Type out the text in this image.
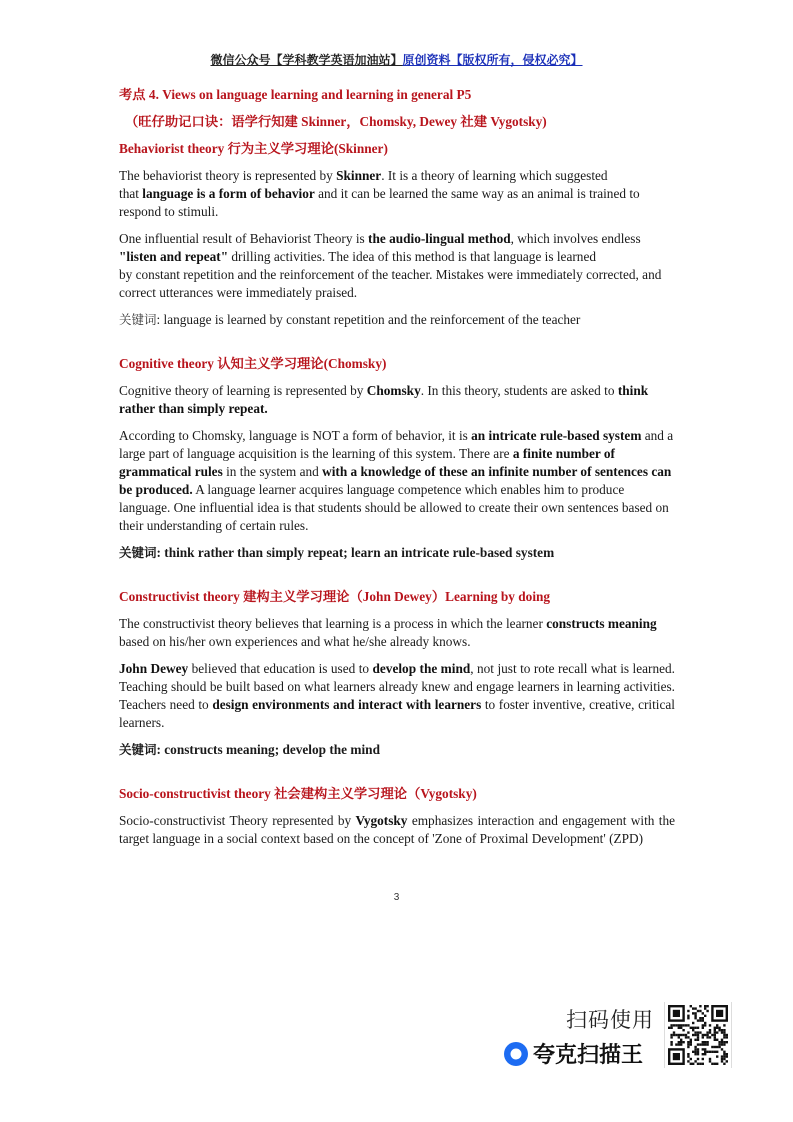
微信公众号【学科教学英语加油站】原创资料【版权所有，侵权必究】
考点 4. Views on language learning and learning in general P5
（旺仔助记口诀：语学行知建 Skinner，Chomsky, Dewey 社建 Vygotsky)
Behaviorist theory 行为主义学习理论(Skinner)

The behaviorist theory is represented by Skinner. It is a theory of learning which suggested
that language is a form of behavior and it can be learned the same way as an animal is trained to respond to stimuli.

One influential result of Behaviorist Theory is the audio-lingual method, which involves endless
"listen and repeat" drilling activities. The idea of this method is that language is learned
by constant repetition and the reinforcement of the teacher. Mistakes were immediately corrected, and correct utterances were immediately praised.

关键词: language is learned by constant repetition and the reinforcement of the teacher

Cognitive theory 认知主义学习理论(Chomsky)

Cognitive theory of learning is represented by Chomsky. In this theory, students are asked to think rather than simply repeat.

According to Chomsky, language is NOT a form of behavior, it is an intricate rule-based system and a large part of language acquisition is the learning of this system. There are a finite number of grammatical rules in the system and with a knowledge of these an infinite number of sentences can be produced. A language learner acquires language competence which enables him to produce language. One influential idea is that students should be allowed to create their own sentences based on their understanding of certain rules.

关键词: think rather than simply repeat; learn an intricate rule-based system

Constructivist theory 建构主义学习理论（John Dewey）Learning by doing

The constructivist theory believes that learning is a process in which the learner constructs meaning based on his/her own experiences and what he/she already knows.

John Dewey believed that education is used to develop the mind, not just to rote recall what is learned. Teaching should be built based on what learners already knew and engage learners in learning activities. Teachers need to design environments and interact with learners to foster inventive, creative, critical learners.

关键词: constructs meaning; develop the mind

Socio-constructivist theory 社会建构主义学习理论（Vygotsky)

Socio-constructivist Theory represented by Vygotsky emphasizes interaction and engagement with the target language in a social context based on the concept of 'Zone of Proximal Development' (ZPD)

3
扫码使用
夸克扫描王
